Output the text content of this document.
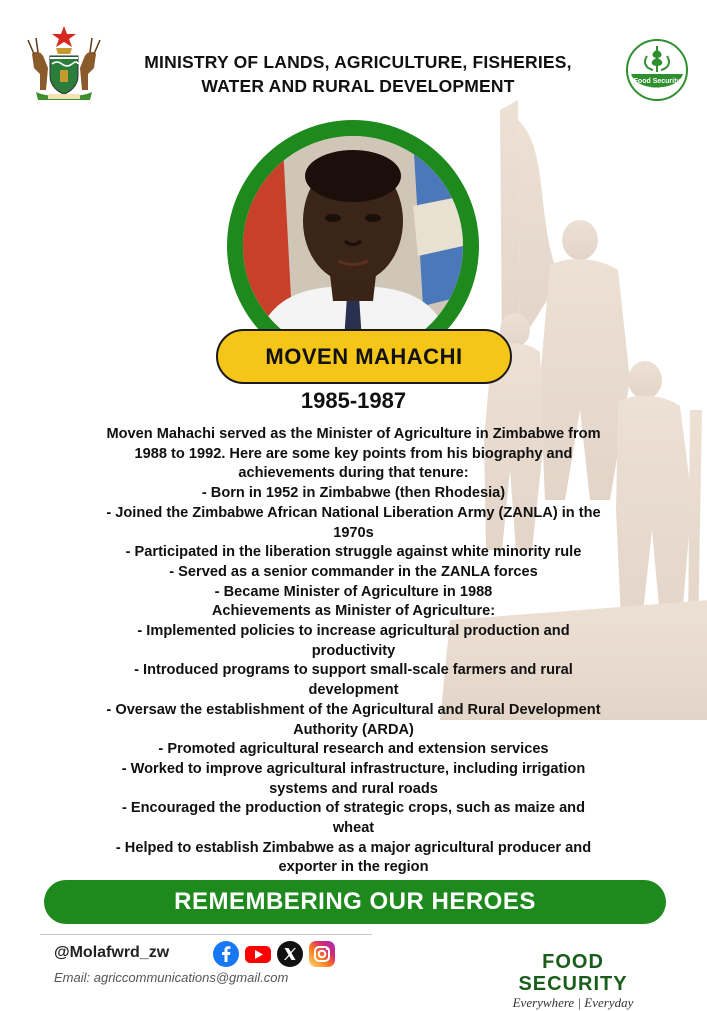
MINISTRY OF LANDS, AGRICULTURE, FISHERIES,
WATER AND RURAL DEVELOPMENT	Food Security
Everywhere Everyday
MOVEN MAHACHI
1985-1987
Moven Mahachi served as the Minister of Agriculture in Zimbabwe from
1988 to 1992. Here are some key points from his biography and
achievements during that tenure:
- Born in 1952 in Zimbabwe (then Rhodesia)
- Joined the Zimbabwe African National Liberation Army (ZANLA) in the
1970s
- Participated in the liberation struggle against white minority rule
- Served as a senior commander in the ZANLA forces
- Became Minister of Agriculture in 1988
Achievements as Minister of Agriculture:
- Implemented policies to increase agricultural production and
productivity
- Introduced programs to support small-scale farmers and rural
development
- Oversaw the establishment of the Agricultural and Rural Development
Authority (ARDA)
- Promoted agricultural research and extension services
- Worked to improve agricultural infrastructure, including irrigation
systems and rural roads
- Encouraged the production of strategic crops, such as maize and
wheat
- Helped to establish Zimbabwe as a major agricultural producer and
exporter in the region
REMEMBERING OUR HEROES
@Molafwrd_zw
Email: agriccommunications@gmail.com
FOOD SECURITY
Everywhere | Everyday
